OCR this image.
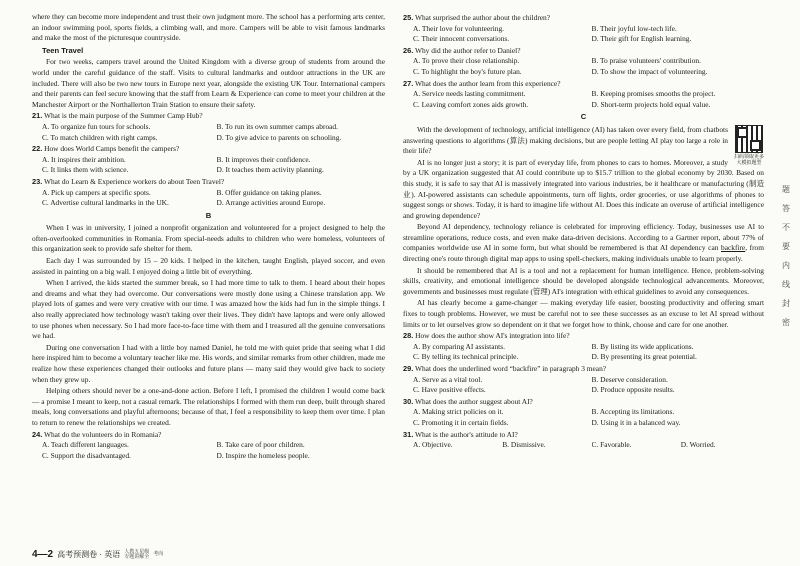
where they can become more independent and trust their own judgment more. The school has a performing arts center, an indoor swimming pool, sports fields, a climbing wall, and more. Campers will be able to visit famous landmarks and make the most of the picturesque countryside.

Teen Travel

For two weeks, campers travel around the United Kingdom with a diverse group of students from around the world under the careful guidance of the staff. Visits to cultural landmarks and outdoor attractions in the UK are included. There will also be two new tours in Europe next year, alongside the existing UK Tour. International campers and their parents can feel secure knowing that the staff from Learn & Experience can come to meet your children at the Manchester Airport or the Northallerton Train Station to ensure their safety.

21. What is the main purpose of the Summer Camp Hub?
A. To organize fun tours for schools.	B. To run its own summer camps abroad.
C. To match children with right camps.	D. To give advice to parents on schooling.
22. How does World Camps benefit the campers?
A. It inspires their ambition.	B. It improves their confidence.
C. It links them with science.	D. It teaches them activity planning.
23. What do Learn & Experience workers do about Teen Travel?
A. Pick up campers at specific spots.	B. Offer guidance on taking planes.
C. Advertise cultural landmarks in the UK.	D. Arrange activities around Europe.
B

When I was in university, I joined a nonprofit organization and volunteered for a project designed to help the often-overlooked communities in Romania. From special-needs adults to children who were homeless, volunteers of this organization seek to provide safe shelter for them.

Each day I was surrounded by 15 – 20 kids. I helped in the kitchen, taught English, played soccer, and even assisted in painting on a big wall. I enjoyed doing a little bit of everything.

When I arrived, the kids started the summer break, so I had more time to talk to them. I heard about their hopes and dreams and what they had overcome. Our conversations were mostly done using a Chinese translation app. We played lots of games and were very creative with our time. I was amazed how the kids had fun in the simple things. I also really appreciated how technology wasn't taking over their lives. They didn't have laptops and were only allowed to use phones when necessary. So I had more face-to-face time with them and I treasured all the genuine conversations we had.

During one conversation I had with a little boy named Daniel, he told me with quiet pride that seeing what I did here inspired him to become a voluntary teacher like me. His words, and similar remarks from other children, made me realize how these experiences changed their outlooks and future plans — many said they would give back to society when they grew up.

Helping others should never be a one-and-done action. Before I left, I promised the children I would come back — a promise I meant to keep, not a casual remark. The relationships I formed with them run deep, built through shared meals, long conversations and playful afternoons; because of that, I feel a responsibility to keep them over time. I plan to return to renew the relationships we created.

24. What do the volunteers do in Romania?
A. Teach different languages.	B. Take care of poor children.
C. Support the disadvantaged.	D. Inspire the homeless people.
25. What surprised the author about the children?
A. Their love for volunteering.	B. Their joyful low-tech life.
C. Their innocent conversations.	D. Their gift for English learning.
26. Why did the author refer to Daniel?
A. To prove their close relationship.	B. To praise volunteers' contribution.
C. To highlight the boy's future plan.	D. To show the impact of volunteering.
27. What does the author learn from this experience?
A. Service needs lasting commitment.	B. Keeping promises smooths the project.
C. Leaving comfort zones aids growth.	D. Short-term projects hold equal value.
C
扫码领取更多
大模拟题型

With the development of technology, artificial intelligence (AI) has taken over every field, from chatbots answering questions to algorithms (算法) making decisions, but are people letting AI play too large a role in their life?

AI is no longer just a story; it is part of everyday life, from phones to cars to homes. Moreover, a study by a UK organization suggested that AI could contribute up to $15.7 trillion to the global economy by 2030. Based on this study, it is safe to say that AI is massively integrated into various industries, be it healthcare or manufacturing (制造业). AI-powered assistants can schedule appointments, turn off lights, order groceries, or use algorithms of phones to suggest songs or shows. Today, it is hard to imagine life without AI. Does this indicate an overuse of artificial intelligence and growing dependence?

Beyond AI dependency, technology reliance is celebrated for improving efficiency. Today, businesses use AI to streamline operations, reduce costs, and even make data-driven decisions. According to a Gartner report, about 77% of companies worldwide use AI in some form, but what should be remembered is that AI dependency can backfire, from directing one's route through digital map apps to using spell-checkers, making individuals unable to learn properly.

It should be remembered that AI is a tool and not a replacement for human intelligence. Hence, problem-solving skills, creativity, and emotional intelligence should be developed alongside technological advancements. Moreover, governments and businesses must regulate (管理) AI's integration with ethical guidelines to avoid any consequences.

AI has clearly become a game-changer — making everyday life easier, boosting productivity and offering smart fixes to tough problems. However, we must be careful not to see these successes as an excuse to let AI spread without limits or to let ourselves grow so dependent on it that we forget how to think, choose and care for one another.

28. How does the author show AI's integration into life?
A. By comparing AI assistants.	B. By listing its wide applications.
C. By telling its technical principle.	D. By presenting its great potential.
29. What does the underlined word “backfire” in paragraph 3 mean?
A. Serve as a vital tool.	B. Deserve consideration.
C. Have positive effects.	D. Produce opposite results.
30. What does the author suggest about AI?
A. Making strict policies on it.	B. Accepting its limitations.
C. Promoting it in certain fields.	D. Using it in a balanced way.
31. What is the author's attitude to AI?
A. Objective.	B. Dismissive.	C. Favorable.	D. Worried.
题
答
不
要
内
线
封
密
4—2 高考预测卷 · 英语 人教五星级
专题讲解全 考向
